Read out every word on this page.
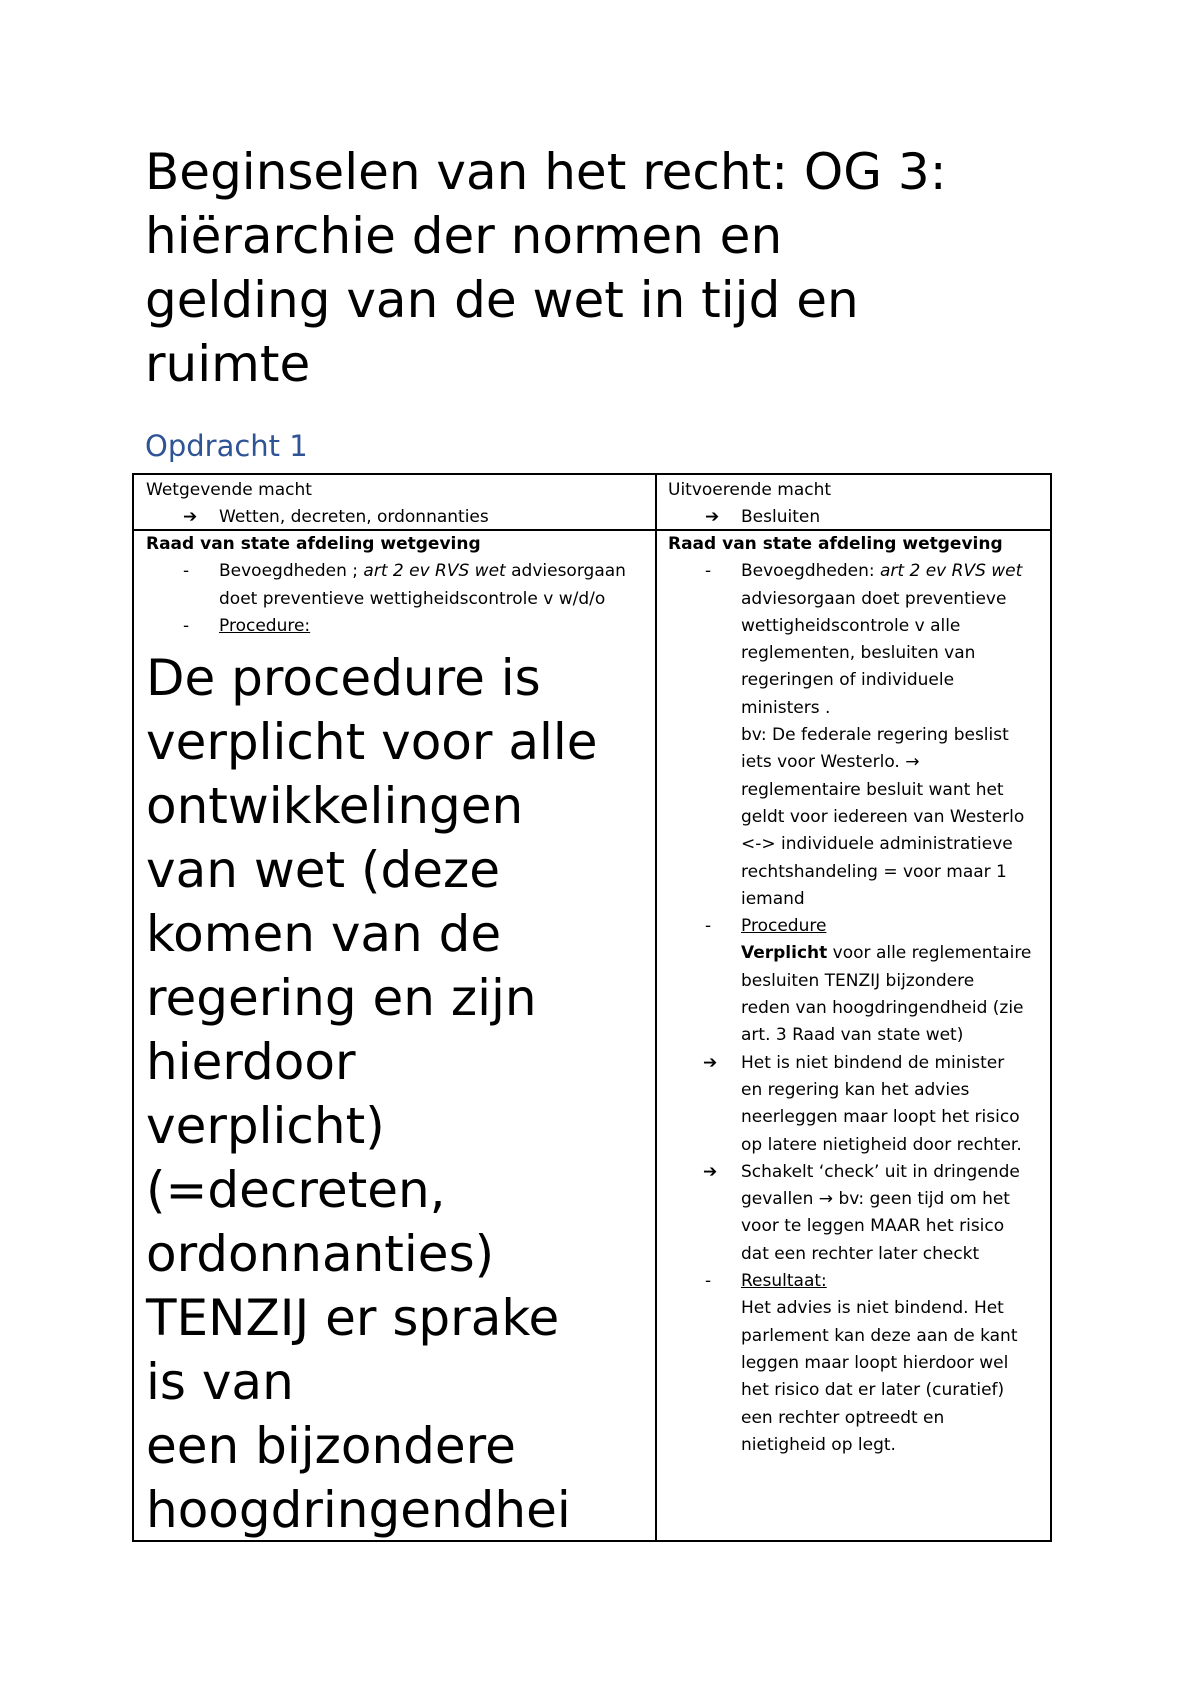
Beginselen van het recht: OG 3:
hiërarchie der normen en
gelding van de wet in tijd en
ruimte
Opdracht 1
Wetgevende macht
➔ Wetten, decreten, ordonnanties
Uitvoerende macht
➔ Besluiten
Raad van state afdeling wetgeving
- Bevoegdheden ; art 2 ev RVS wet adviesorgaan
doet preventieve wettigheidscontrole v w/d/o
- Procedure:
De procedure is
verplicht voor alle
ontwikkelingen
van wet (deze
komen van de
regering en zijn
hierdoor
verplicht)
(=decreten,
ordonnanties)
TENZIJ er sprake
is van
een bijzondere
hoogdringendhei
Raad van state afdeling wetgeving
- Bevoegdheden: art 2 ev RVS wet
adviesorgaan doet preventieve
wettigheidscontrole v alle
reglementen, besluiten van
regeringen of individuele
ministers .
bv: De federale regering beslist
iets voor Westerlo. →
reglementaire besluit want het
geldt voor iedereen van Westerlo
<-> individuele administratieve
rechtshandeling = voor maar 1
iemand
- Procedure
Verplicht voor alle reglementaire
besluiten TENZIJ bijzondere
reden van hoogdringendheid (zie
art. 3 Raad van state wet)
➔ Het is niet bindend de minister
en regering kan het advies
neerleggen maar loopt het risico
op latere nietigheid door rechter.
➔ Schakelt ‘check’ uit in dringende
gevallen → bv: geen tijd om het
voor te leggen MAAR het risico
dat een rechter later checkt
- Resultaat:
Het advies is niet bindend. Het
parlement kan deze aan de kant
leggen maar loopt hierdoor wel
het risico dat er later (curatief)
een rechter optreedt en
nietigheid op legt.
